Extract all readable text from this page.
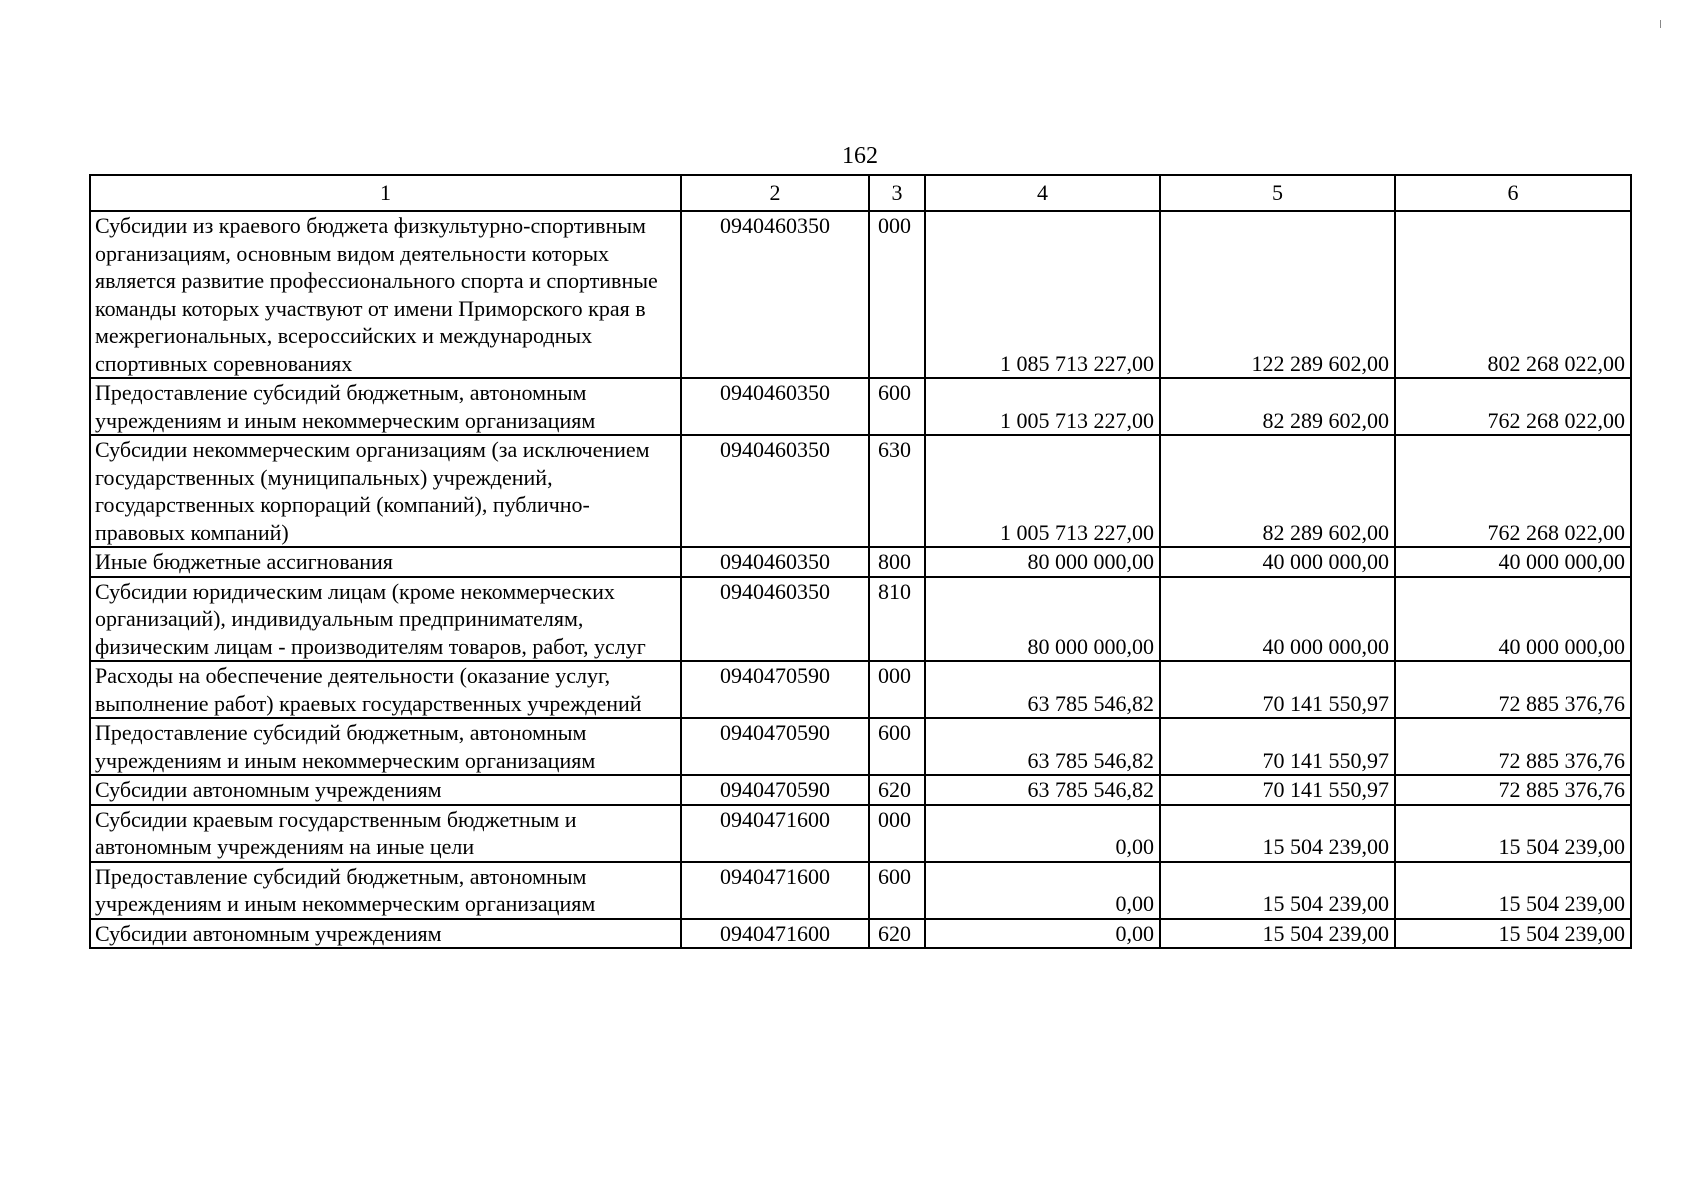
162
1	2	3	4	5	6
Субсидии из краевого бюджета физкультурно-спортивным организациям, основным видом деятельности которых является развитие профессионального спорта и спортивные команды которых участвуют от имени Приморского края в межрегиональных, всероссийских и международных спортивных соревнованиях	0940460350	000	1 085 713 227,00	122 289 602,00	802 268 022,00
Предоставление субсидий бюджетным, автономным учреждениям и иным некоммерческим организациям	0940460350	600	1 005 713 227,00	82 289 602,00	762 268 022,00
Субсидии некоммерческим организациям (за исключением государственных (муниципальных) учреждений, государственных корпораций (компаний), публично-правовых компаний)	0940460350	630	1 005 713 227,00	82 289 602,00	762 268 022,00
Иные бюджетные ассигнования	0940460350	800	80 000 000,00	40 000 000,00	40 000 000,00
Субсидии юридическим лицам (кроме некоммерческих организаций), индивидуальным предпринимателям, физическим лицам - производителям товаров, работ, услуг	0940460350	810	80 000 000,00	40 000 000,00	40 000 000,00
Расходы на обеспечение деятельности (оказание услуг, выполнение работ) краевых государственных учреждений	0940470590	000	63 785 546,82	70 141 550,97	72 885 376,76
Предоставление субсидий бюджетным, автономным учреждениям и иным некоммерческим организациям	0940470590	600	63 785 546,82	70 141 550,97	72 885 376,76
Субсидии автономным учреждениям	0940470590	620	63 785 546,82	70 141 550,97	72 885 376,76
Субсидии краевым государственным бюджетным и автономным учреждениям на иные цели	0940471600	000	0,00	15 504 239,00	15 504 239,00
Предоставление субсидий бюджетным, автономным учреждениям и иным некоммерческим организациям	0940471600	600	0,00	15 504 239,00	15 504 239,00
Субсидии автономным учреждениям	0940471600	620	0,00	15 504 239,00	15 504 239,00
